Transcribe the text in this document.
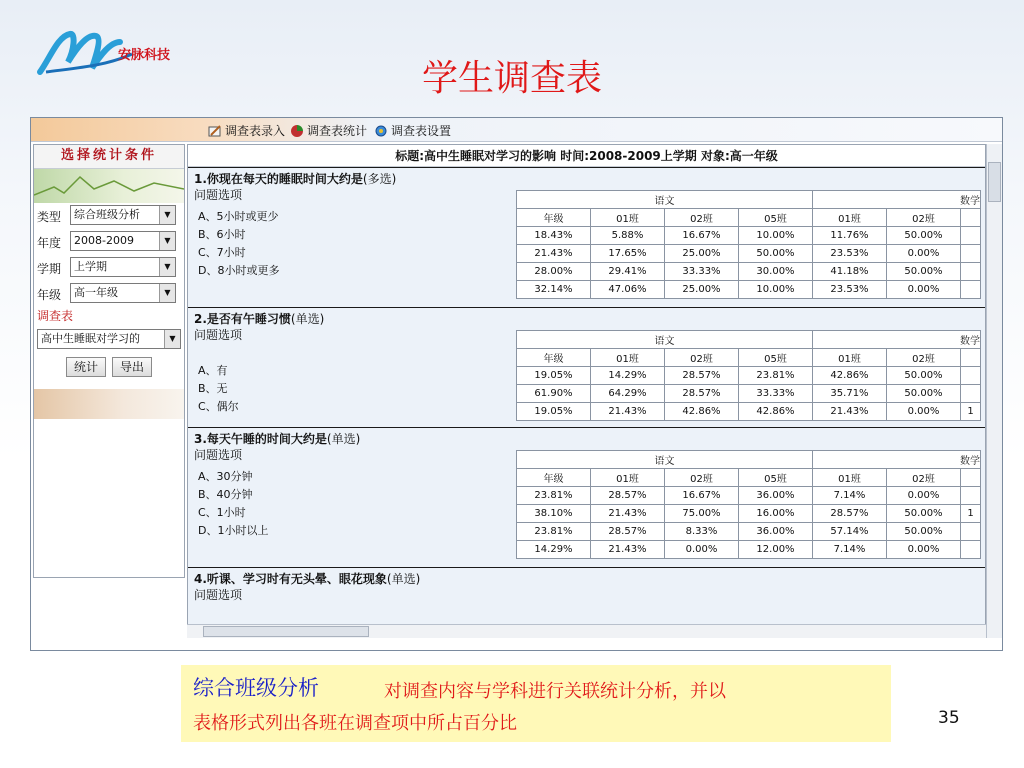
安脉科技
学生调查表
调查表录入 调查表统计 调查表设置
选择统计条件
类型	综合班级分析	▼
年度	2008-2009	▼
学期	上学期	▼
年级	高一年级	▼
调查表
高中生睡眠对学习的	▼
统计	导出
标题:高中生睡眠对学习的影响 时间:2008-2009上学期 对象:高一年级
1.你现在每天的睡眠时间大约是(多选)
问题选项
A、5小时或更少
B、6小时
C、7小时
D、8小时或更多
语文				数学		
年级	01班	02班	05班	01班	02班	
18.43%	5.88%	16.67%	10.00%	11.76%	50.00%	
21.43%	17.65%	25.00%	50.00%	23.53%	0.00%	
28.00%	29.41%	33.33%	30.00%	41.18%	50.00%	
32.14%	47.06%	25.00%	10.00%	23.53%	0.00%	
2.是否有午睡习惯(单选)
问题选项
A、有
B、无
C、偶尔
语文				数学		
年级	01班	02班	05班	01班	02班	
19.05%	14.29%	28.57%	23.81%	42.86%	50.00%	
61.90%	64.29%	28.57%	33.33%	35.71%	50.00%	
19.05%	21.43%	42.86%	42.86%	21.43%	0.00%	1
3.每天午睡的时间大约是(单选)
问题选项
A、30分钟
B、40分钟
C、1小时
D、1小时以上
语文				数学		
年级	01班	02班	05班	01班	02班	
23.81%	28.57%	16.67%	36.00%	7.14%	0.00%	
38.10%	21.43%	75.00%	16.00%	28.57%	50.00%	1
23.81%	28.57%	8.33%	36.00%	57.14%	50.00%	
14.29%	21.43%	0.00%	12.00%	7.14%	0.00%	
4.听课、学习时有无头晕、眼花现象(单选)
问题选项
综合班级分析	对调查内容与学科进行关联统计分析，并以
表格形式列出各班在调查项中所占百分比	35
